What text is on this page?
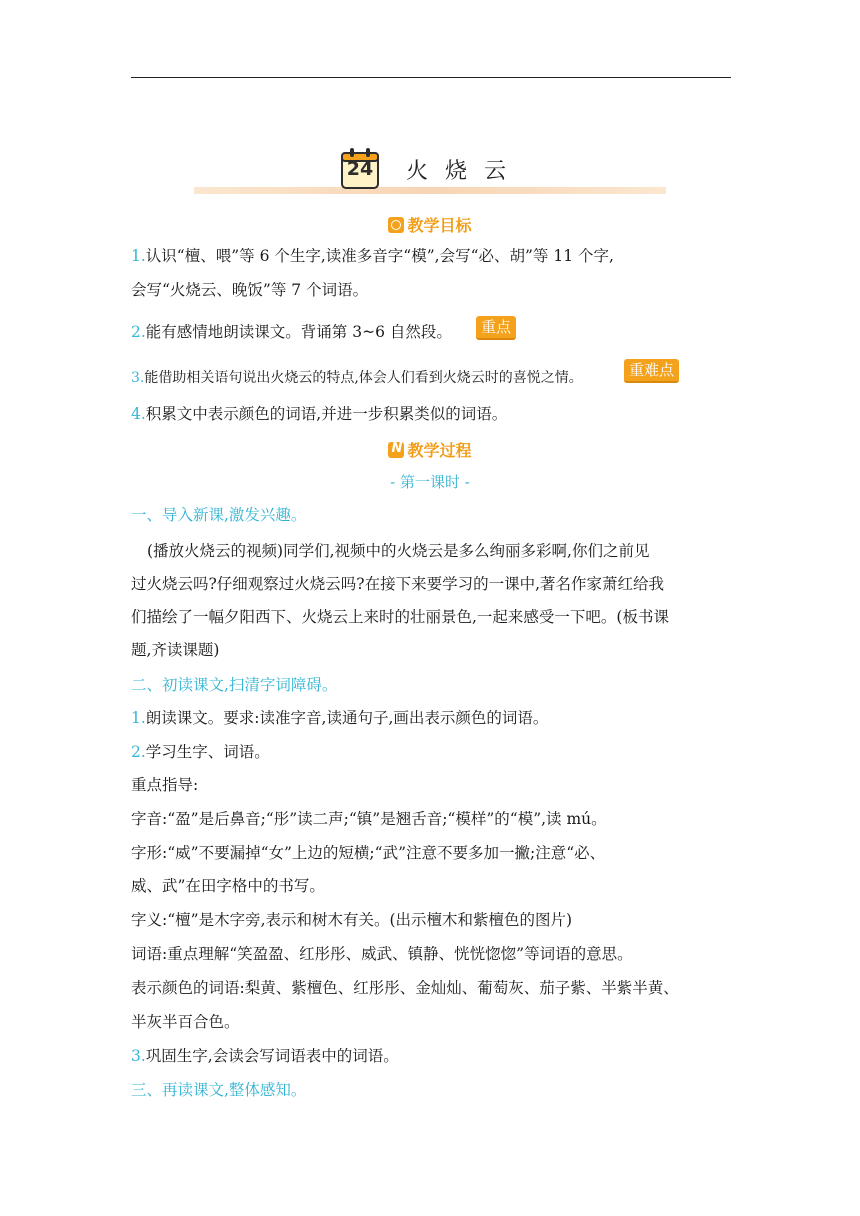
24	火烧云
教学目标
1.认识“檀、喂”等 6 个生字,读准多音字“模”,会写“必、胡”等 11 个字,
会写“火烧云、晚饭”等 7 个词语。
2.能有感情地朗读课文。背诵第 3~6 自然段。	重点
3.能借助相关语句说出火烧云的特点,体会人们看到火烧云时的喜悦之情。	重难点
4.积累文中表示颜色的词语,并进一步积累类似的词语。
N教学过程
- 第一课时 -
一、导入新课,激发兴趣。
(播放火烧云的视频)同学们,视频中的火烧云是多么绚丽多彩啊,你们之前见
过火烧云吗?仔细观察过火烧云吗?在接下来要学习的一课中,著名作家萧红给我
们描绘了一幅夕阳西下、火烧云上来时的壮丽景色,一起来感受一下吧。(板书课
题,齐读课题)
二、初读课文,扫清字词障碍。
1.朗读课文。要求:读准字音,读通句子,画出表示颜色的词语。
2.学习生字、词语。
重点指导:
字音:“盈”是后鼻音;“彤”读二声;“镇”是翘舌音;“模样”的“模”,读 mú。
字形:“威”不要漏掉“女”上边的短横;“武”注意不要多加一撇;注意“必、
威、武”在田字格中的书写。
字义:“檀”是木字旁,表示和树木有关。(出示檀木和紫檀色的图片)
词语:重点理解“笑盈盈、红彤彤、威武、镇静、恍恍惚惚”等词语的意思。
表示颜色的词语:梨黄、紫檀色、红彤彤、金灿灿、葡萄灰、茄子紫、半紫半黄、
半灰半百合色。
3.巩固生字,会读会写词语表中的词语。
三、再读课文,整体感知。
